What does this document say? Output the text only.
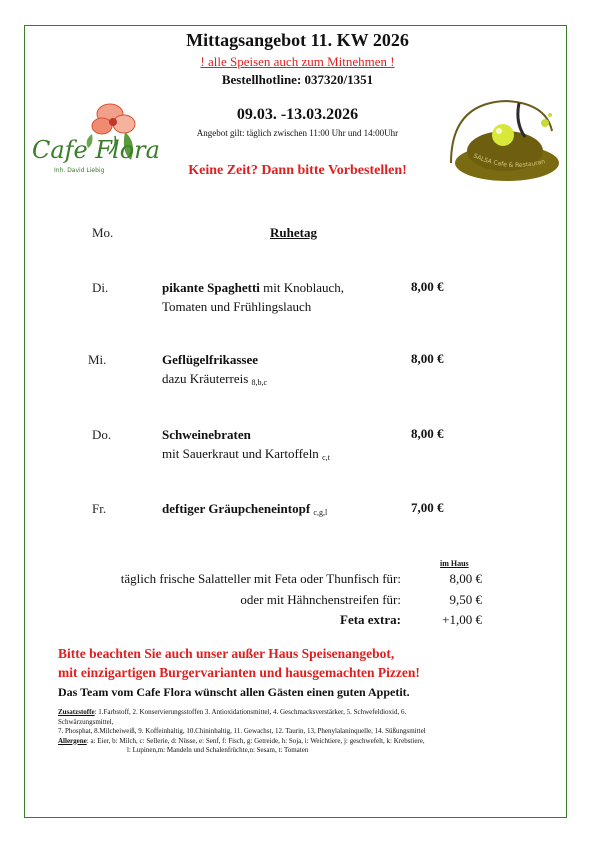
Mittagsangebot 11. KW 2026
! alle Speisen auch zum Mitnehmen !
Bestellhotline: 037320/1351
09.03. -13.03.2026
Angebot gilt: täglich zwischen 11:00 Uhr und 14:00Uhr
Keine Zeit? Dann bitte Vorbestellen!
Cafe Flora
Inh. David Liebig
SALSA Cafe & Restauran
Mo.	Ruhetag
Di.	pikante Spaghetti mit Knoblauch,
Tomaten und Frühlingslauch
8,00 €
Mi.	Geflügelfrikassee
dazu Kräuterreis $_{8,b,c}$
8,00 €
Do.	Schweinebraten
mit Sauerkraut und Kartoffeln $_{c,t}$
8,00 €
Fr.	deftiger Gräupcheneintopf $_{c,g,l}$	7,00 €
im Haus
täglich frische Salatteller mit Feta oder Thunfisch für:	8,00 €
oder mit Hähnchenstreifen für:	9,50 €
Feta extra:	+1,00 €
Bitte beachten Sie auch unser außer Haus Speisenangebot,
mit einzigartigen Burgervarianten und hausgemachten Pizzen!
Das Team vom Cafe Flora wünscht allen Gästen einen guten Appetit.
Zusatzstoffe: 1.Farbstoff, 2. Konservierungsstoffen 3. Antioxidationsmittel, 4. Geschmacksverstärker, 5. Schwefeldioxid, 6.
Schwärzungsmittel,
7. Phosphat, 8.Milcheiweiß, 9. Koffeinhaltig, 10.Chininhaltig, 11. Gewachst, 12. Taurin, 13, Phenylalaninquelle, 14. Süßungsmittel
Allergene: a: Eier, b: Milch, c: Sellerie, d: Nüsse, e: Senf, f: Fisch, g: Getreide, h: Soja, i: Weichtiere, j: geschwefelt, k: Krebstiere,
l: Lupinen,m: Mandeln und Schalenfrüchte,n: Sesam, t: Tomaten
